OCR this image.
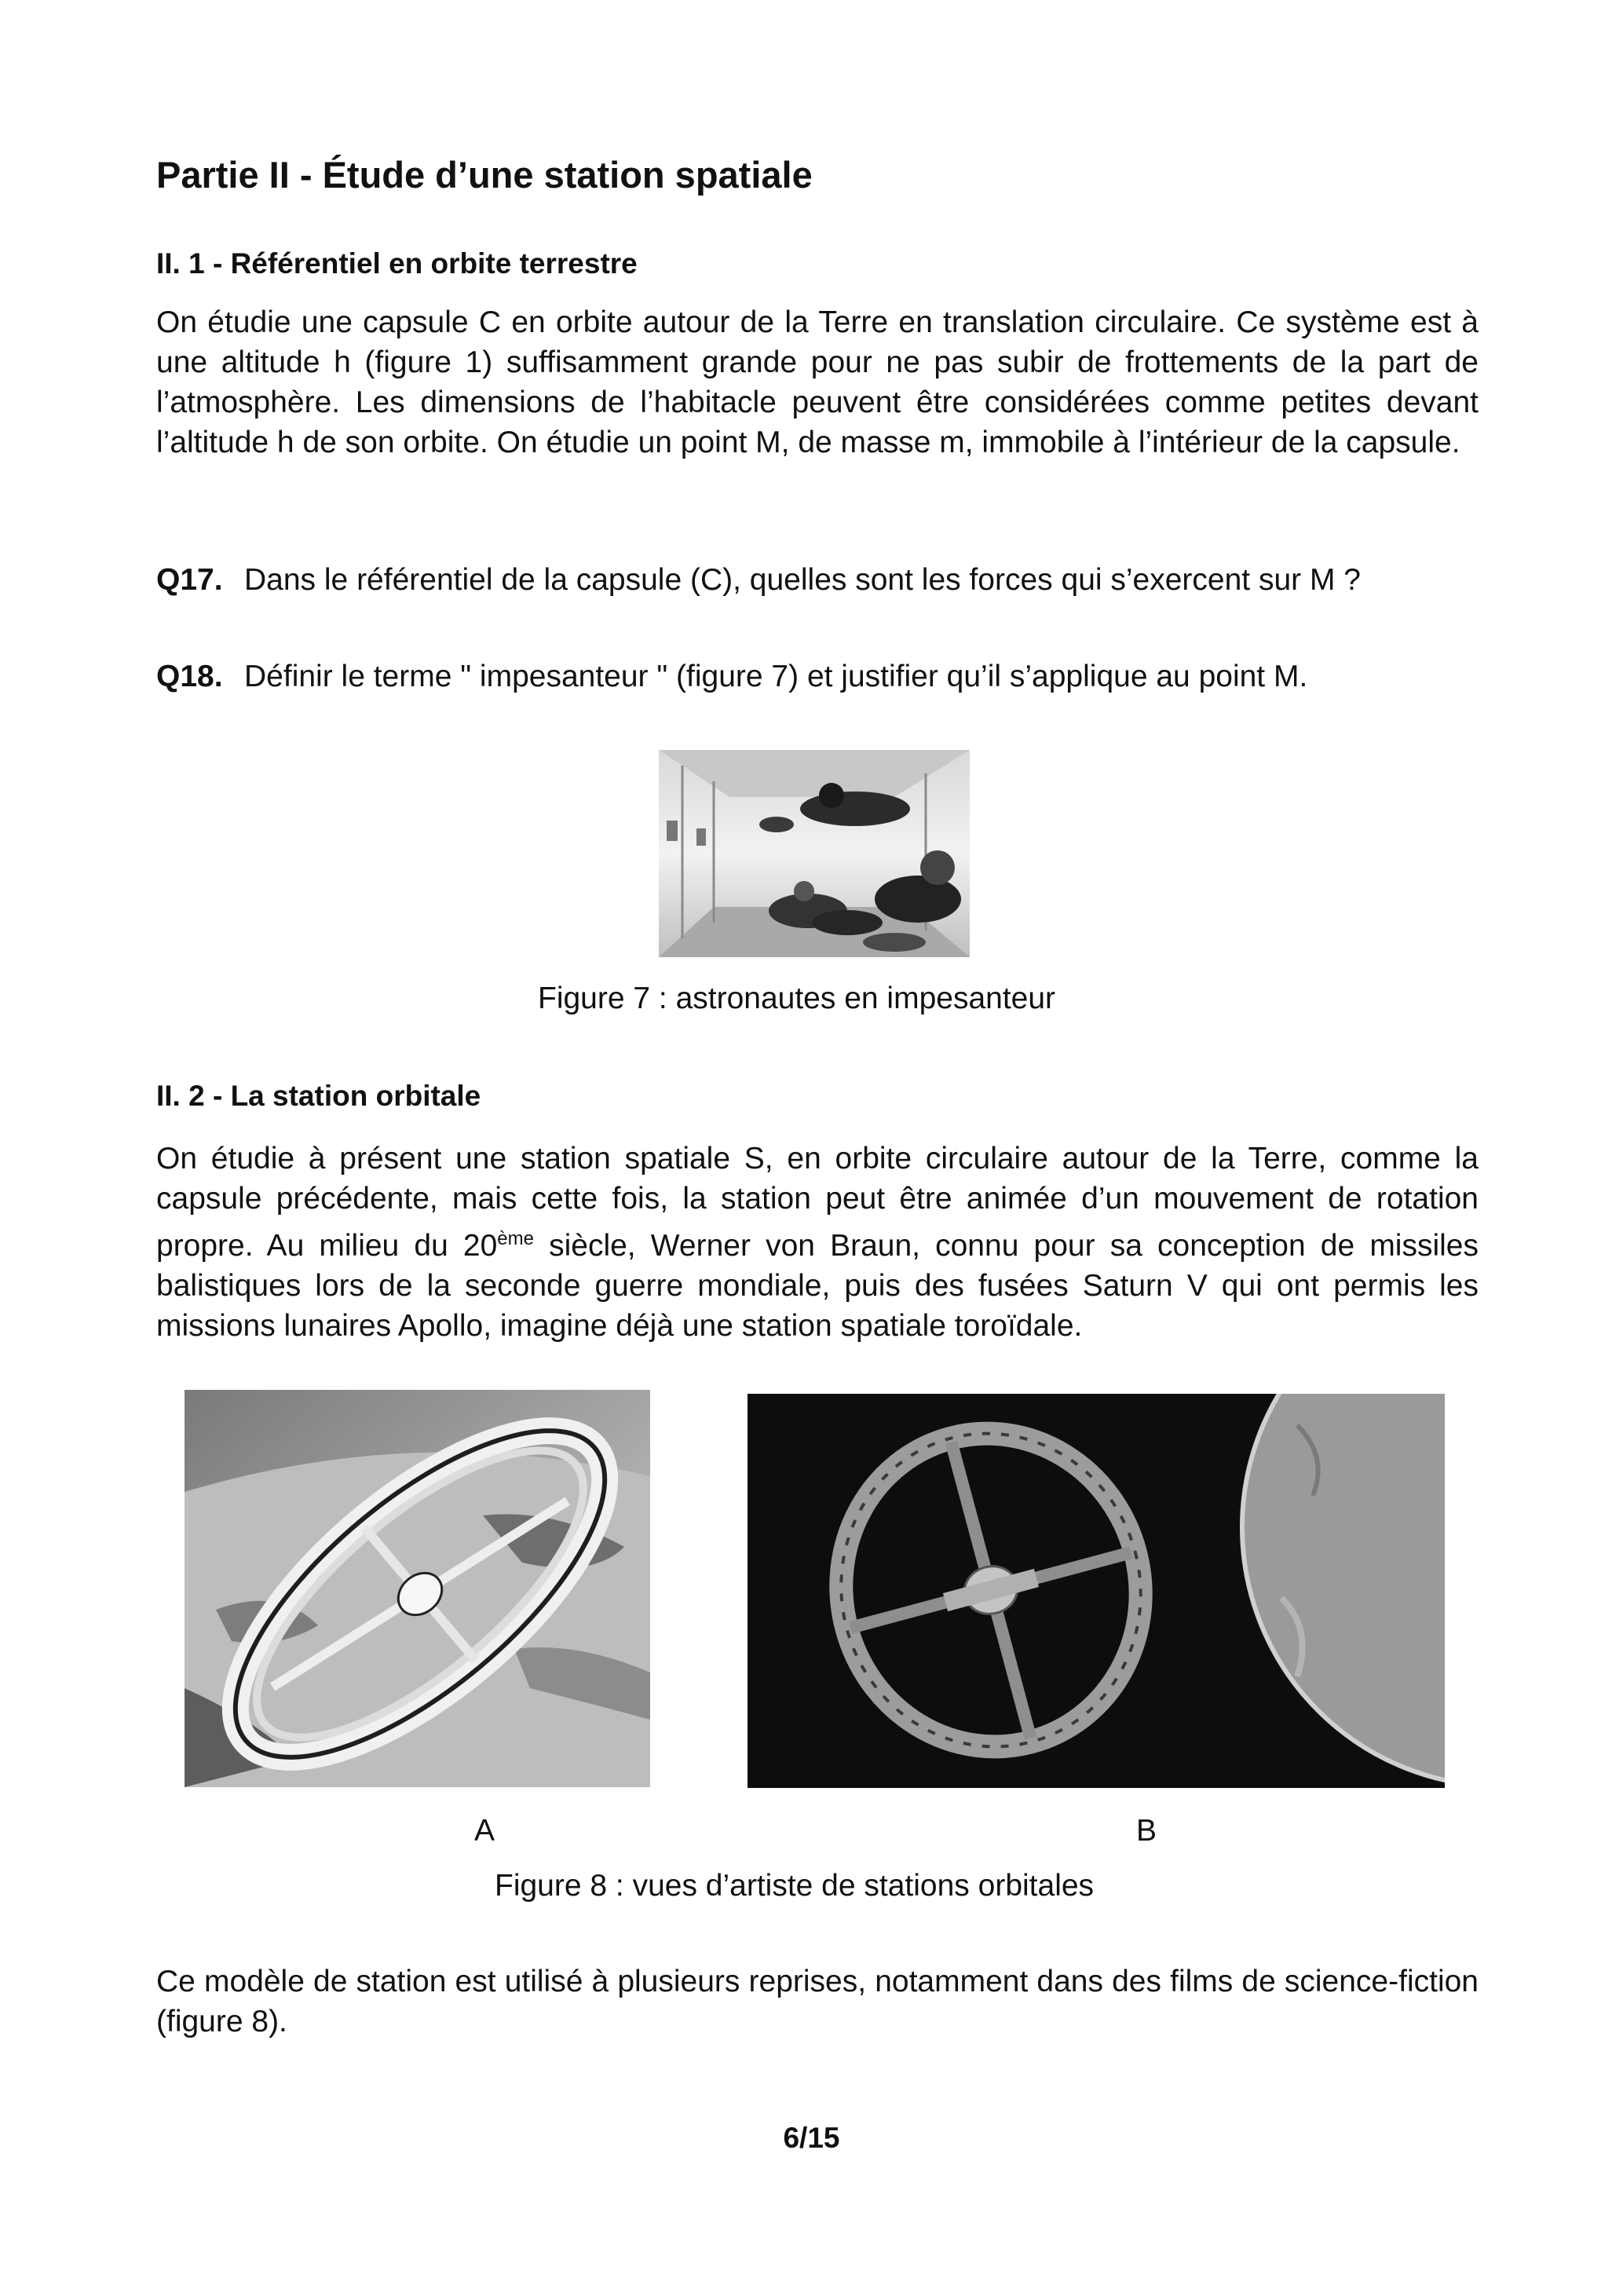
Partie II - Étude d’une station spatiale
II. 1 - Référentiel en orbite terrestre

On étudie une capsule C en orbite autour de la Terre en translation circulaire. Ce système est à une altitude h (figure 1) suffisamment grande pour ne pas subir de frottements de la part de l’atmosphère. Les dimensions de l’habitacle peuvent être considérées comme petites devant l’altitude h de son orbite. On étudie un point M, de masse m, immobile à l’intérieur de la capsule.

Q17. Dans le référentiel de la capsule (C), quelles sont les forces qui s’exercent sur M ?

Q18. Définir le terme " impesanteur " (figure 7) et justifier qu’il s’applique au point M.

Figure 7 : astronautes en impesanteur

II. 2 - La station orbitale

On étudie à présent une station spatiale S, en orbite circulaire autour de la Terre, comme la capsule précédente, mais cette fois, la station peut être animée d’un mouvement de rotation propre. Au milieu du 20ème siècle, Werner von Braun, connu pour sa conception de missiles balistiques lors de la seconde guerre mondiale, puis des fusées Saturn V qui ont permis les missions lunaires Apollo, imagine déjà une station spatiale toroïdale.

A	B

Figure 8 : vues d’artiste de stations orbitales

Ce modèle de station est utilisé à plusieurs reprises, notamment dans des films de science-fiction (figure 8).

6/15
